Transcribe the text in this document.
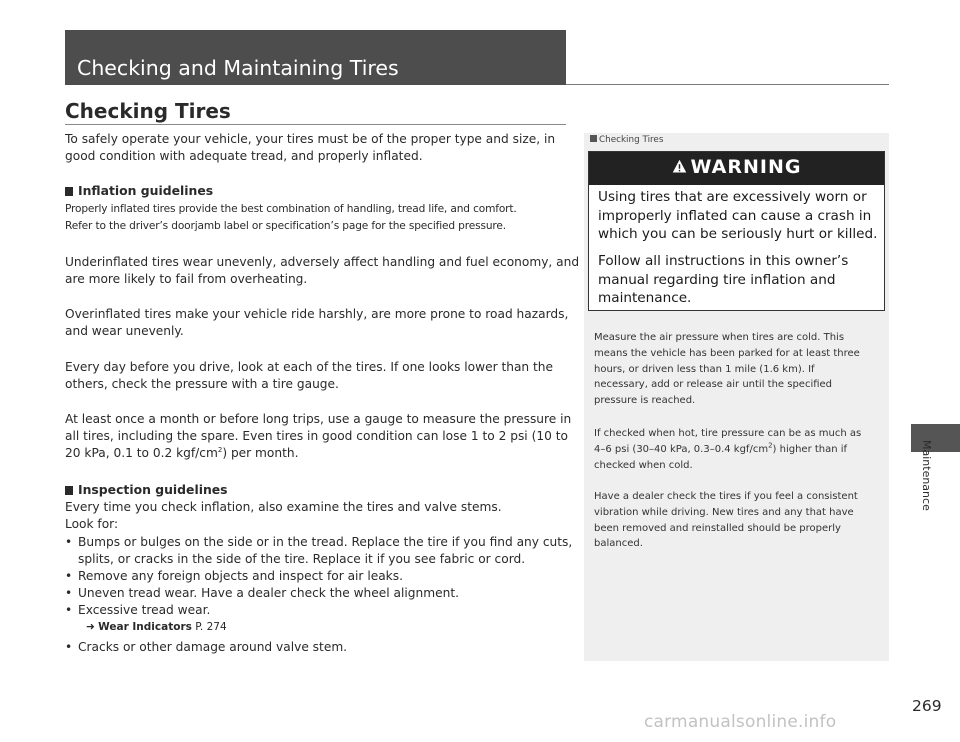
Checking and Maintaining Tires
Checking Tires
To safely operate your vehicle, your tires must be of the proper type and size, in
good condition with adequate tread, and properly inflated.
Inflation guidelines
Properly inflated tires provide the best combination of handling, tread life, and comfort.
Refer to the driver’s doorjamb label or specification’s page for the specified pressure.
Underinflated tires wear unevenly, adversely affect handling and fuel economy, and
are more likely to fail from overheating.
Overinflated tires make your vehicle ride harshly, are more prone to road hazards,
and wear unevenly.
Every day before you drive, look at each of the tires. If one looks lower than the
others, check the pressure with a tire gauge.
At least once a month or before long trips, use a gauge to measure the pressure in
all tires, including the spare. Even tires in good condition can lose 1 to 2 psi (10 to
20 kPa, 0.1 to 0.2 kgf/$cm^2$) per month.
Inspection guidelines
Every time you check inflation, also examine the tires and valve stems.
Look for:
• Bumps or bulges on the side or in the tread. Replace the tire if you find any cuts,
splits, or cracks in the side of the tire. Replace it if you see fabric or cord.
• Remove any foreign objects and inspect for air leaks.
• Uneven tread wear. Have a dealer check the wheel alignment.
• Excessive tread wear.
➜ Wear Indicators P. 274
• Cracks or other damage around valve stem.
Checking Tires
WARNING
Using tires that are excessively worn or
improperly inflated can cause a crash in
which you can be seriously hurt or killed.
Follow all instructions in this owner’s
manual regarding tire inflation and
maintenance.
Measure the air pressure when tires are cold. This
means the vehicle has been parked for at least three
hours, or driven less than 1 mile (1.6 km). If
necessary, add or release air until the specified
pressure is reached.
If checked when hot, tire pressure can be as much as
4–6 psi (30–40 kPa, 0.3–0.4 kgf/$cm^2$) higher than if
checked when cold.
Have a dealer check the tires if you feel a consistent
vibration while driving. New tires and any that have
been removed and reinstalled should be properly
balanced.
Maintenance
269
carmanualsonline.info
